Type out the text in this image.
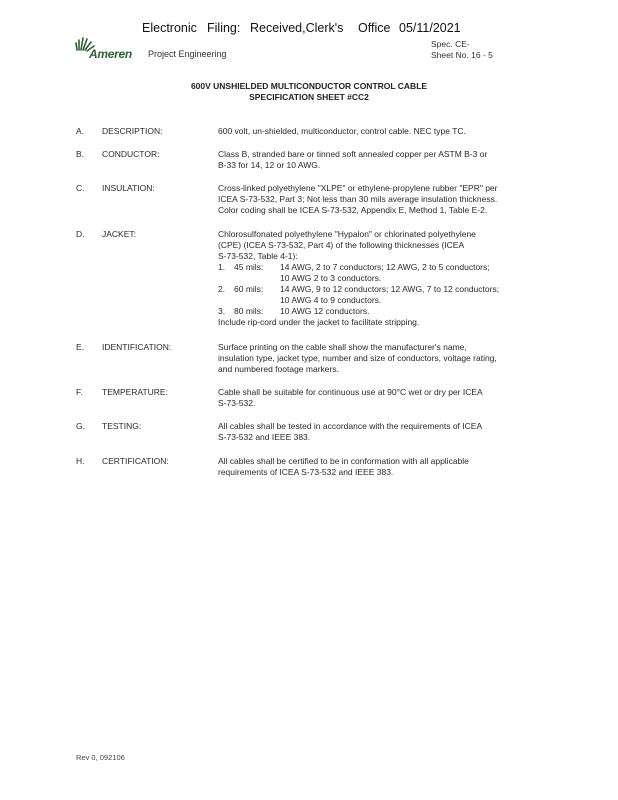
Electronic Filing: Received,Clerk's Office 05/11/2021
Ameren Project Engineering
Spec. CE-
Sheet No. 16 - 5
600V UNSHIELDED MULTICONDUCTOR CONTROL CABLE
SPECIFICATION SHEET #CC2
A. DESCRIPTION:	600 volt, un-shielded, multiconductor, control cable. NEC type TC.

B. CONDUCTOR:	Class B, stranded bare or tinned soft annealed copper per ASTM B-3 or

B-33 for 14, 12 or 10 AWG.

C. INSULATION:	Cross-linked polyethylene "XLPE" or ethylene-propylene rubber "EPR" per

ICEA S-73-532, Part 3; Not less than 30 mils average insulation thickness.

Color coding shall be ICEA S-73-532, Appendix E, Method 1, Table E-2.

D. JACKET:	Chlorosulfonated polyethylene "Hypalon" or chlorinated polyethylene

(CPE) (ICEA S-73-532, Part 4) of the following thicknesses (ICEA

S-73-532, Table 4-1):

1. 45 mils: 14 AWG, 2 to 7 conductors; 12 AWG, 2 to 5 conductors;
10 AWG 2 to 3 conductors.
2. 60 mils: 14 AWG, 9 to 12 conductors; 12 AWG, 7 to 12 conductors;
10 AWG 4 to 9 conductors.
3. 80 mils: 10 AWG 12 conductors.

Include rip-cord under the jacket to facilitate stripping.

E. IDENTIFICATION:	Surface printing on the cable shall show the manufacturer's name,

insulation type, jacket type, number and size of conductors, voltage rating,

and numbered footage markers.

F. TEMPERATURE:	Cable shall be suitable for continuous use at 90°C wet or dry per ICEA

S-73-532.

G. TESTING:	All cables shall be tested in accordance with the requirements of ICEA

S-73-532 and IEEE 383.

H. CERTIFICATION:	All cables shall be certified to be in conformation with all applicable

requirements of ICEA S-73-532 and IEEE 383.

Rev 0, 092106
